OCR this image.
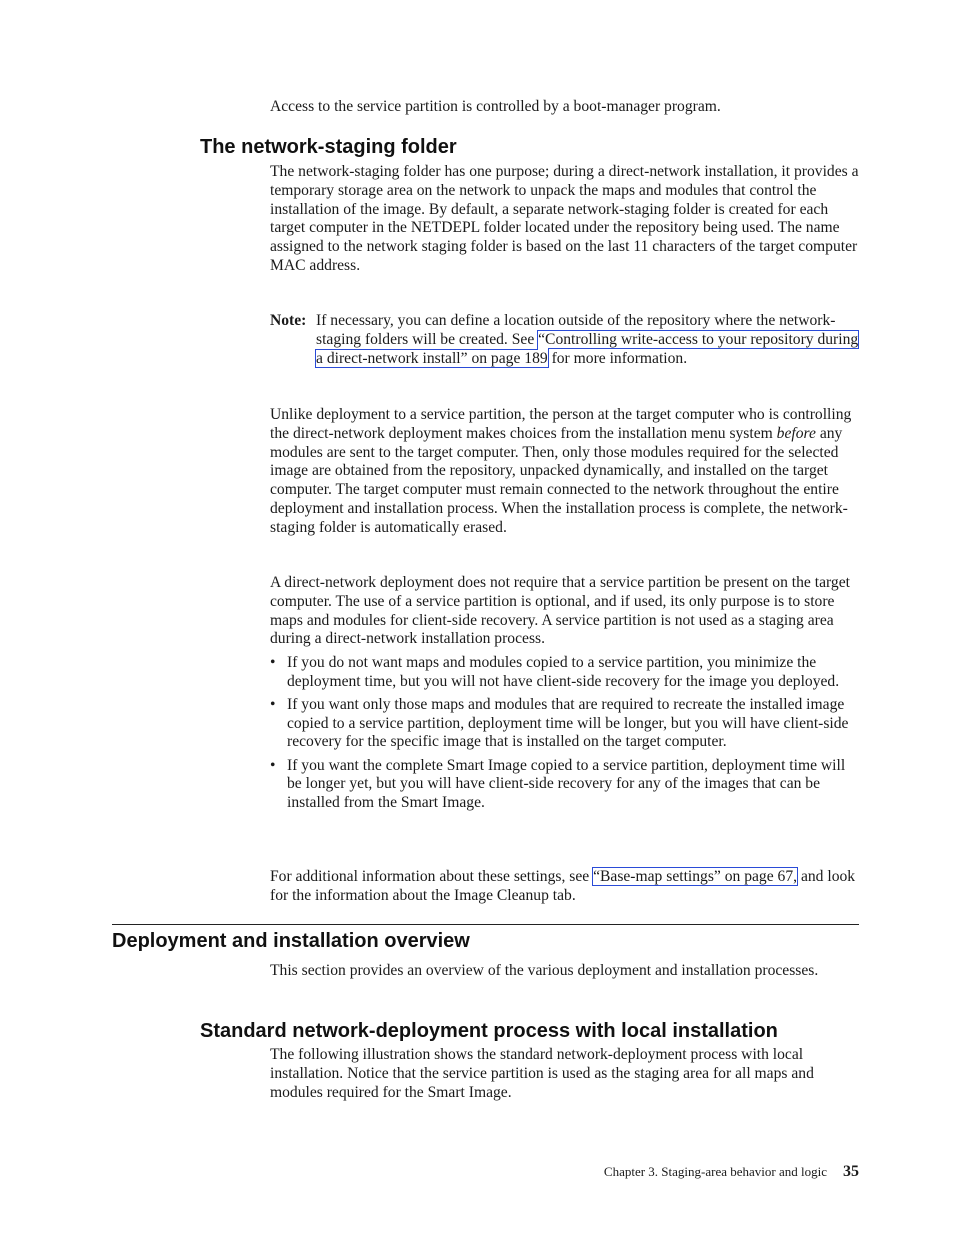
Access to the service partition is controlled by a boot-manager program.

The network-staging folder

The network-staging folder has one purpose; during a direct-network installation, it provides a temporary storage area on the network to unpack the maps and modules that control the installation of the image. By default, a separate network-staging folder is created for each target computer in the NETDEPL folder located under the repository being used. The name assigned to the network staging folder is based on the last 11 characters of the target computer MAC address.

Note: If necessary, you can define a location outside of the repository where the network-staging folders will be created. See “Controlling write-access to your repository during a direct-network install” on page 189 for more information.

Unlike deployment to a service partition, the person at the target computer who is controlling the direct-network deployment makes choices from the installation menu system before any modules are sent to the target computer. Then, only those modules required for the selected image are obtained from the repository, unpacked dynamically, and installed on the target computer. The target computer must remain connected to the network throughout the entire deployment and installation process. When the installation process is complete, the network-staging folder is automatically erased.

A direct-network deployment does not require that a service partition be present on the target computer. The use of a service partition is optional, and if used, its only purpose is to store maps and modules for client-side recovery. A service partition is not used as a staging area during a direct-network installation process.

• If you do not want maps and modules copied to a service partition, you minimize the deployment time, but you will not have client-side recovery for the image you deployed.
• If you want only those maps and modules that are required to recreate the installed image copied to a service partition, deployment time will be longer, but you will have client-side recovery for the specific image that is installed on the target computer.
• If you want the complete Smart Image copied to a service partition, deployment time will be longer yet, but you will have client-side recovery for any of the images that can be installed from the Smart Image.

For additional information about these settings, see “Base-map settings” on page 67, and look for the information about the Image Cleanup tab.

Deployment and installation overview

This section provides an overview of the various deployment and installation processes.

Standard network-deployment process with local installation

The following illustration shows the standard network-deployment process with local installation. Notice that the service partition is used as the staging area for all maps and modules required for the Smart Image.

Chapter 3. Staging-area behavior and logic 35
